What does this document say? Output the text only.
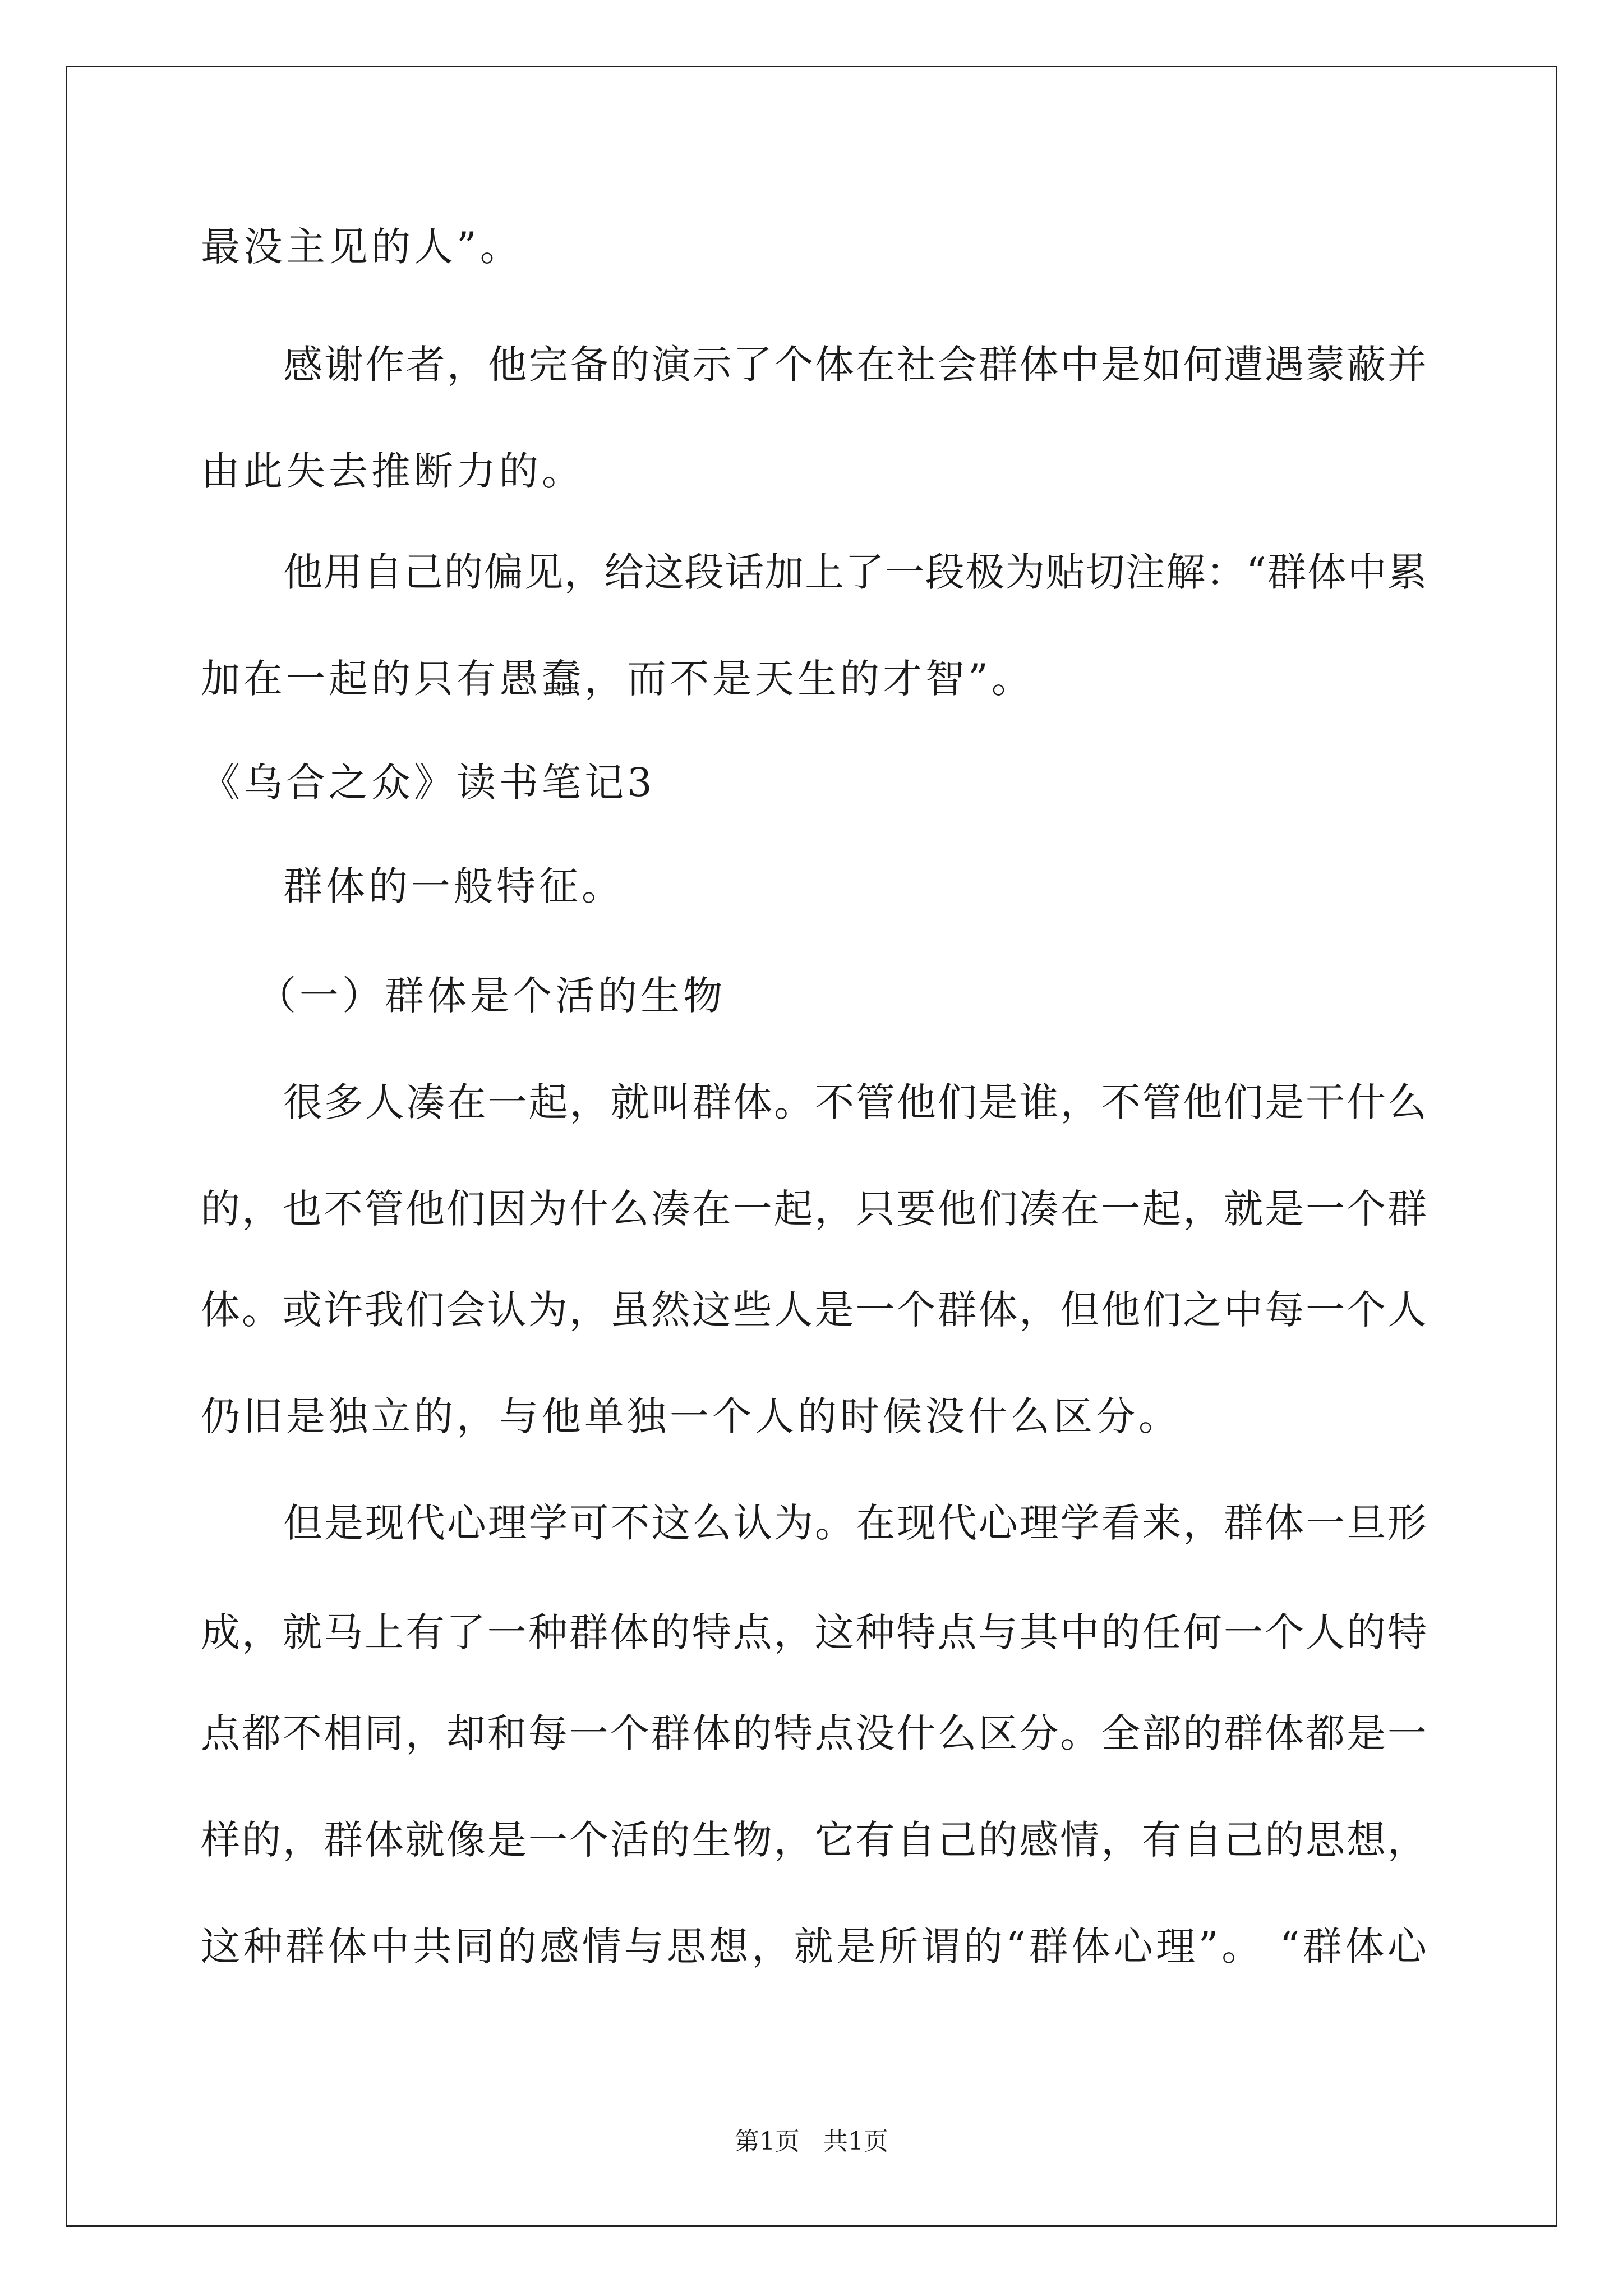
最没主见的人”。
感谢作者，他完备的演示了个体在社会群体中是如何遭遇蒙蔽并
由此失去推断力的。
他用自己的偏见，给这段话加上了一段极为贴切注解：“群体中累
加在一起的只有愚蠢，而不是天生的才智”。
《乌合之众》读书笔记3
群体的一般特征。
（一）群体是个活的生物
很多人凑在一起，就叫群体。不管他们是谁，不管他们是干什么
的，也不管他们因为什么凑在一起，只要他们凑在一起，就是一个群
体。或许我们会认为，虽然这些人是一个群体，但他们之中每一个人
仍旧是独立的，与他单独一个人的时候没什么区分。
但是现代心理学可不这么认为。在现代心理学看来，群体一旦形
成，就马上有了一种群体的特点，这种特点与其中的任何一个人的特
点都不相同，却和每一个群体的特点没什么区分。全部的群体都是一
样的，群体就像是一个活的生物，它有自己的感情，有自己的思想，
这种群体中共同的感情与思想，就是所谓的“群体心理”。 “群体心
第1页 共1页
